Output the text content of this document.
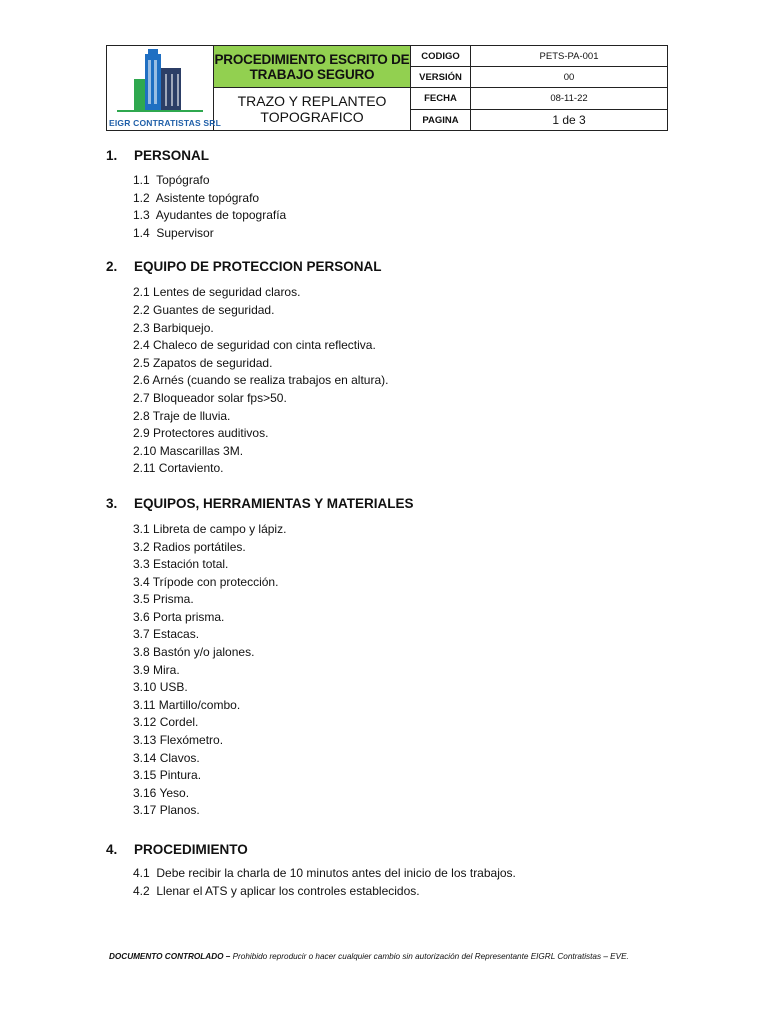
EIGR CONTRATISTAS SRL	PROCEDIMIENTO ESCRITO DE TRABAJO SEGURO	CODIGO	PETS-PA-001
		VERSIÓN	00
	TRAZO Y REPLANTEO TOPOGRAFICO	FECHA	08-11-22
		PAGINA	1 de 3
1.	PERSONAL
1.1  Topógrafo
1.2  Asistente topógrafo
1.3  Ayudantes de topografía
1.4  Supervisor
2.	EQUIPO DE PROTECCION PERSONAL
2.1 Lentes de seguridad claros.
2.2 Guantes de seguridad.
2.3 Barbiquejo.
2.4 Chaleco de seguridad con cinta reflectiva.
2.5 Zapatos de seguridad.
2.6 Arnés (cuando se realiza trabajos en altura).
2.7 Bloqueador solar fps>50.
2.8 Traje de lluvia.
2.9 Protectores auditivos.
2.10 Mascarillas 3M.
2.11 Cortaviento.
3.	EQUIPOS, HERRAMIENTAS Y MATERIALES
3.1 Libreta de campo y lápiz.
3.2 Radios portátiles.
3.3 Estación total.
3.4 Trípode con protección.
3.5 Prisma.
3.6 Porta prisma.
3.7 Estacas.
3.8 Bastón y/o jalones.
3.9 Mira.
3.10 USB.
3.11 Martillo/combo.
3.12 Cordel.
3.13 Flexómetro.
3.14 Clavos.
3.15 Pintura.
3.16 Yeso.
3.17 Planos.
4.	PROCEDIMIENTO
4.1  Debe recibir la charla de 10 minutos antes del inicio de los trabajos.
4.2  Llenar el ATS y aplicar los controles establecidos.
DOCUMENTO CONTROLADO – Prohibido reproducir o hacer cualquier cambio sin autorización del Representante EIGRL Contratistas – EVE.
